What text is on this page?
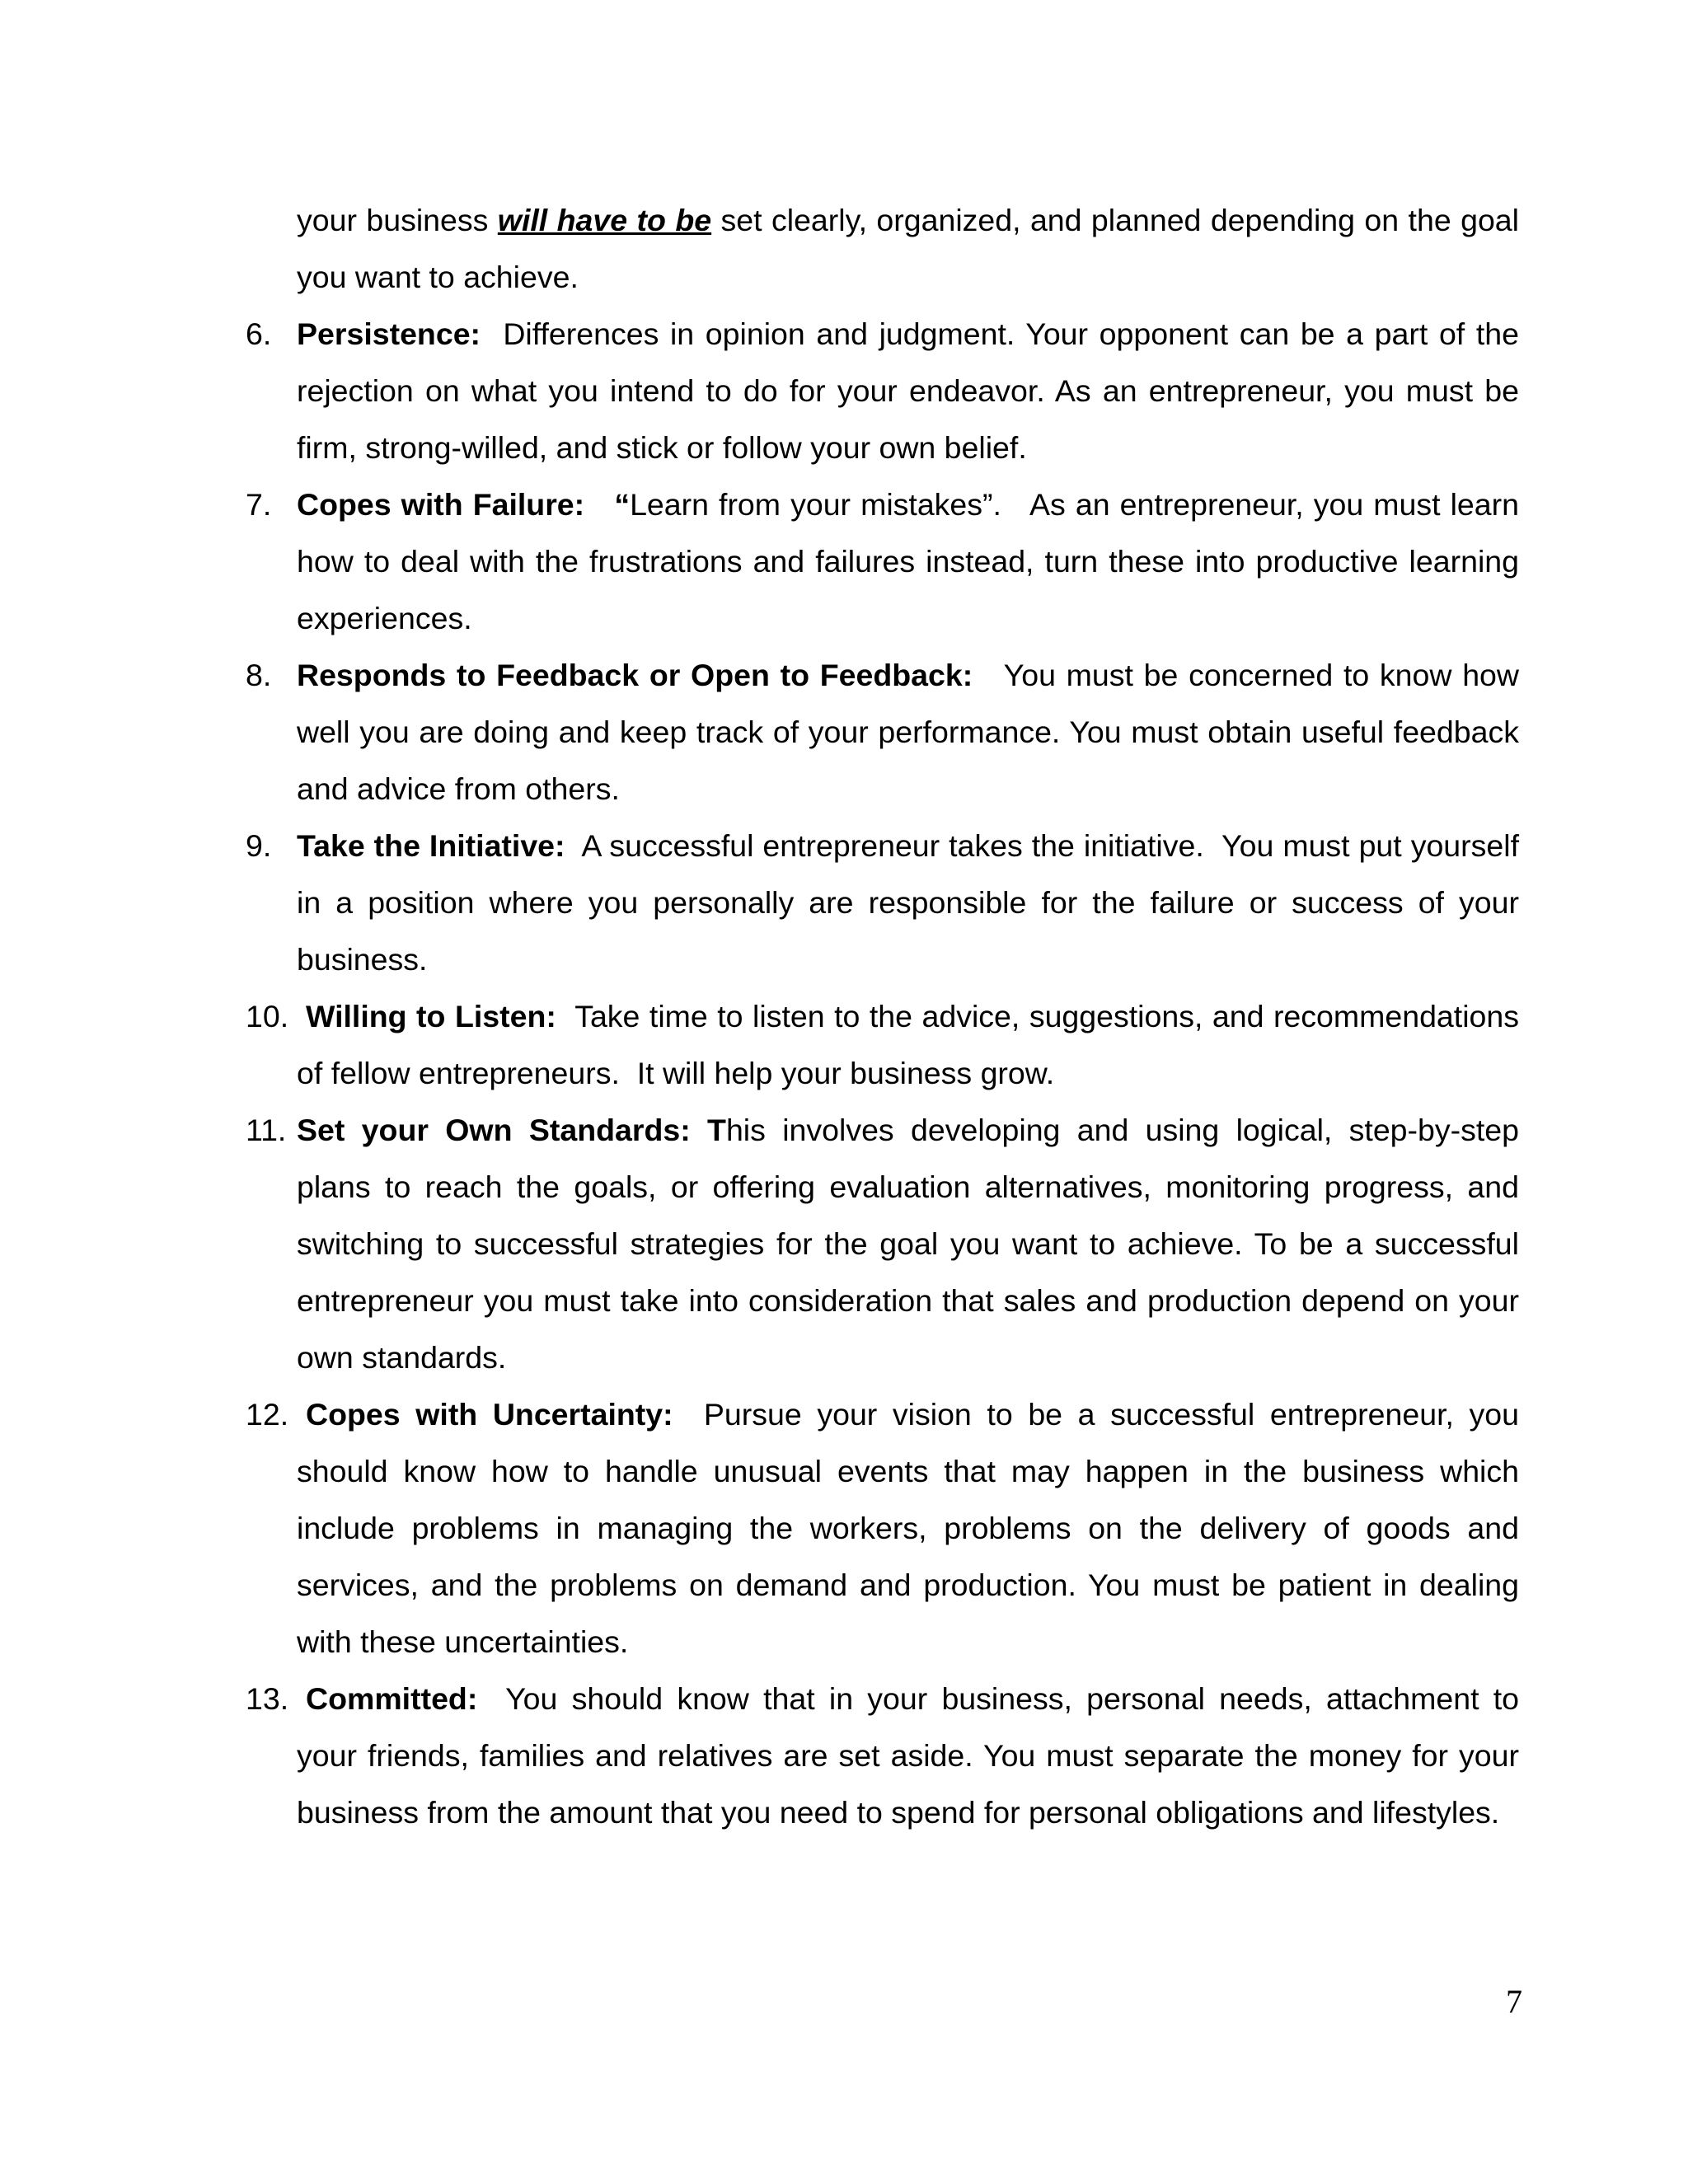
your business will have to be set clearly, organized, and planned depending on the goal you want to achieve.

6. Persistence:  Differences in opinion and judgment. Your opponent can be a part of the rejection on what you intend to do for your endeavor. As an entrepreneur, you must be firm, strong-willed, and stick or follow your own belief.

7. Copes with Failure:   “Learn from your mistakes”.   As an entrepreneur, you must learn how to deal with the frustrations and failures instead, turn these into productive learning experiences.

8. Responds to Feedback or Open to Feedback:   You must be concerned to know how well you are doing and keep track of your performance. You must obtain useful feedback and advice from others.

9. Take the Initiative:  A successful entrepreneur takes the initiative.  You must put yourself in a position where you personally are responsible for the failure or success of your business.

10. Willing to Listen:  Take time to listen to the advice, suggestions, and recommendations of fellow entrepreneurs.  It will help your business grow.

11. Set your Own Standards: This involves developing and using logical, step-by-step plans to reach the goals, or offering evaluation alternatives, monitoring progress, and switching to successful strategies for the goal you want to achieve. To be a successful entrepreneur you must take into consideration that sales and production depend on your own standards.

12. Copes with Uncertainty:  Pursue your vision to be a successful entrepreneur, you should know how to handle unusual events that may happen in the business which include problems in managing the workers, problems on the delivery of goods and services, and the problems on demand and production. You must be patient in dealing with these uncertainties.

13. Committed:  You should know that in your business, personal needs, attachment to your friends, families and relatives are set aside. You must separate the money for your business from the amount that you need to spend for personal obligations and lifestyles.

7
